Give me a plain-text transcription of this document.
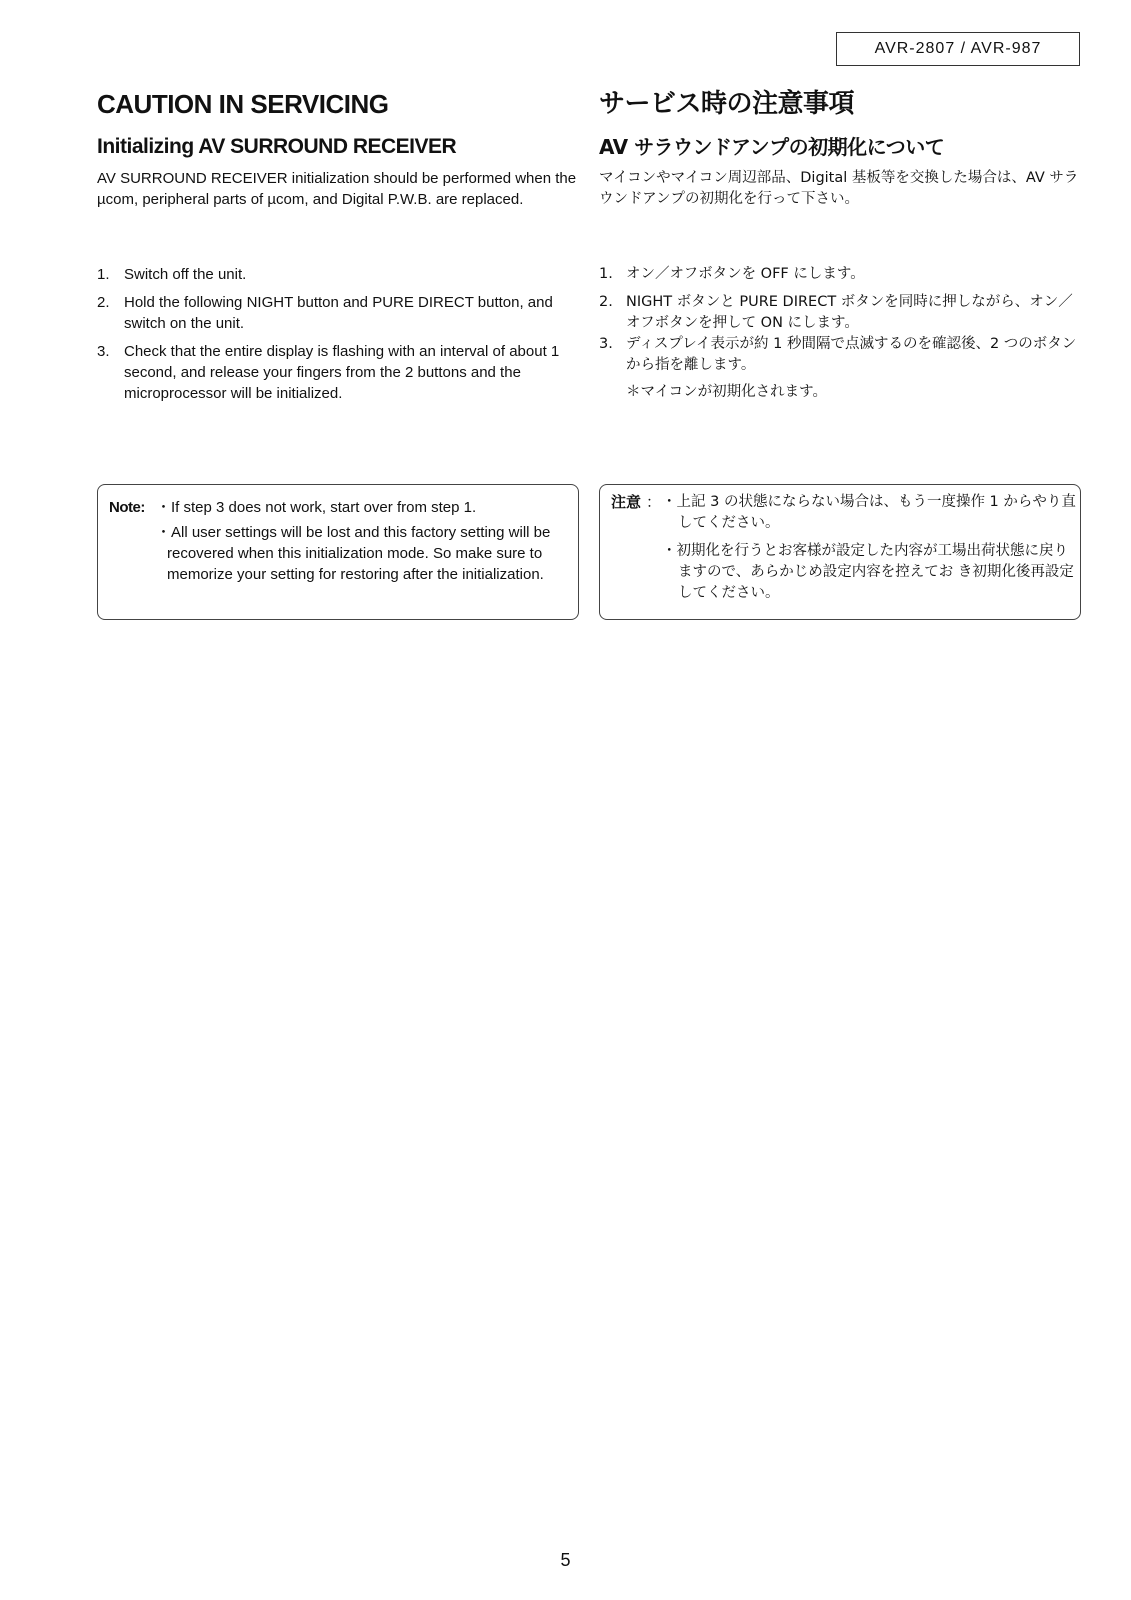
AVR-2807 / AVR-987
CAUTION IN SERVICING
Initializing AV SURROUND RECEIVER

AV SURROUND RECEIVER initialization should be performed when the µcom, peripheral parts of µcom, and Digital P.W.B. are replaced.

1. Switch off the unit.
2. Hold the following NIGHT button and PURE DIRECT button, and switch on the unit.
3. Check that the entire display is flashing with an interval of about 1 second, and release your fingers from the 2 buttons and the microprocessor will be initialized.
サービス時の注意事項
AV サラウンドアンプの初期化について

マイコンやマイコン周辺部品、Digital 基板等を交換した場合は、AV サラウンドアンプの初期化を行って下さい。

1. オン／オフボタンを OFF にします。
2. NIGHT ボタンと PURE DIRECT ボタンを同時に押しながら、オン／オフボタンを押して ON にします。
3. ディスプレイ表示が約 1 秒間隔で点滅するのを確認後、2 つのボタンから指を離します。
＊マイコンが初期化されます。
Note: ・If step 3 does not work, start over from step 1.
・All user settings will be lost and this factory setting will be recovered when this initialization mode. So make sure to memorize your setting for restoring after the initialization.
注意 ： ・上記 3 の状態にならない場合は、もう一度操作 1 からやり直してください。
・初期化を行うとお客様が設定した内容が工場出荷状態に戻りますので、あらかじめ設定内容を控えてお き初期化後再設定してください。
5
